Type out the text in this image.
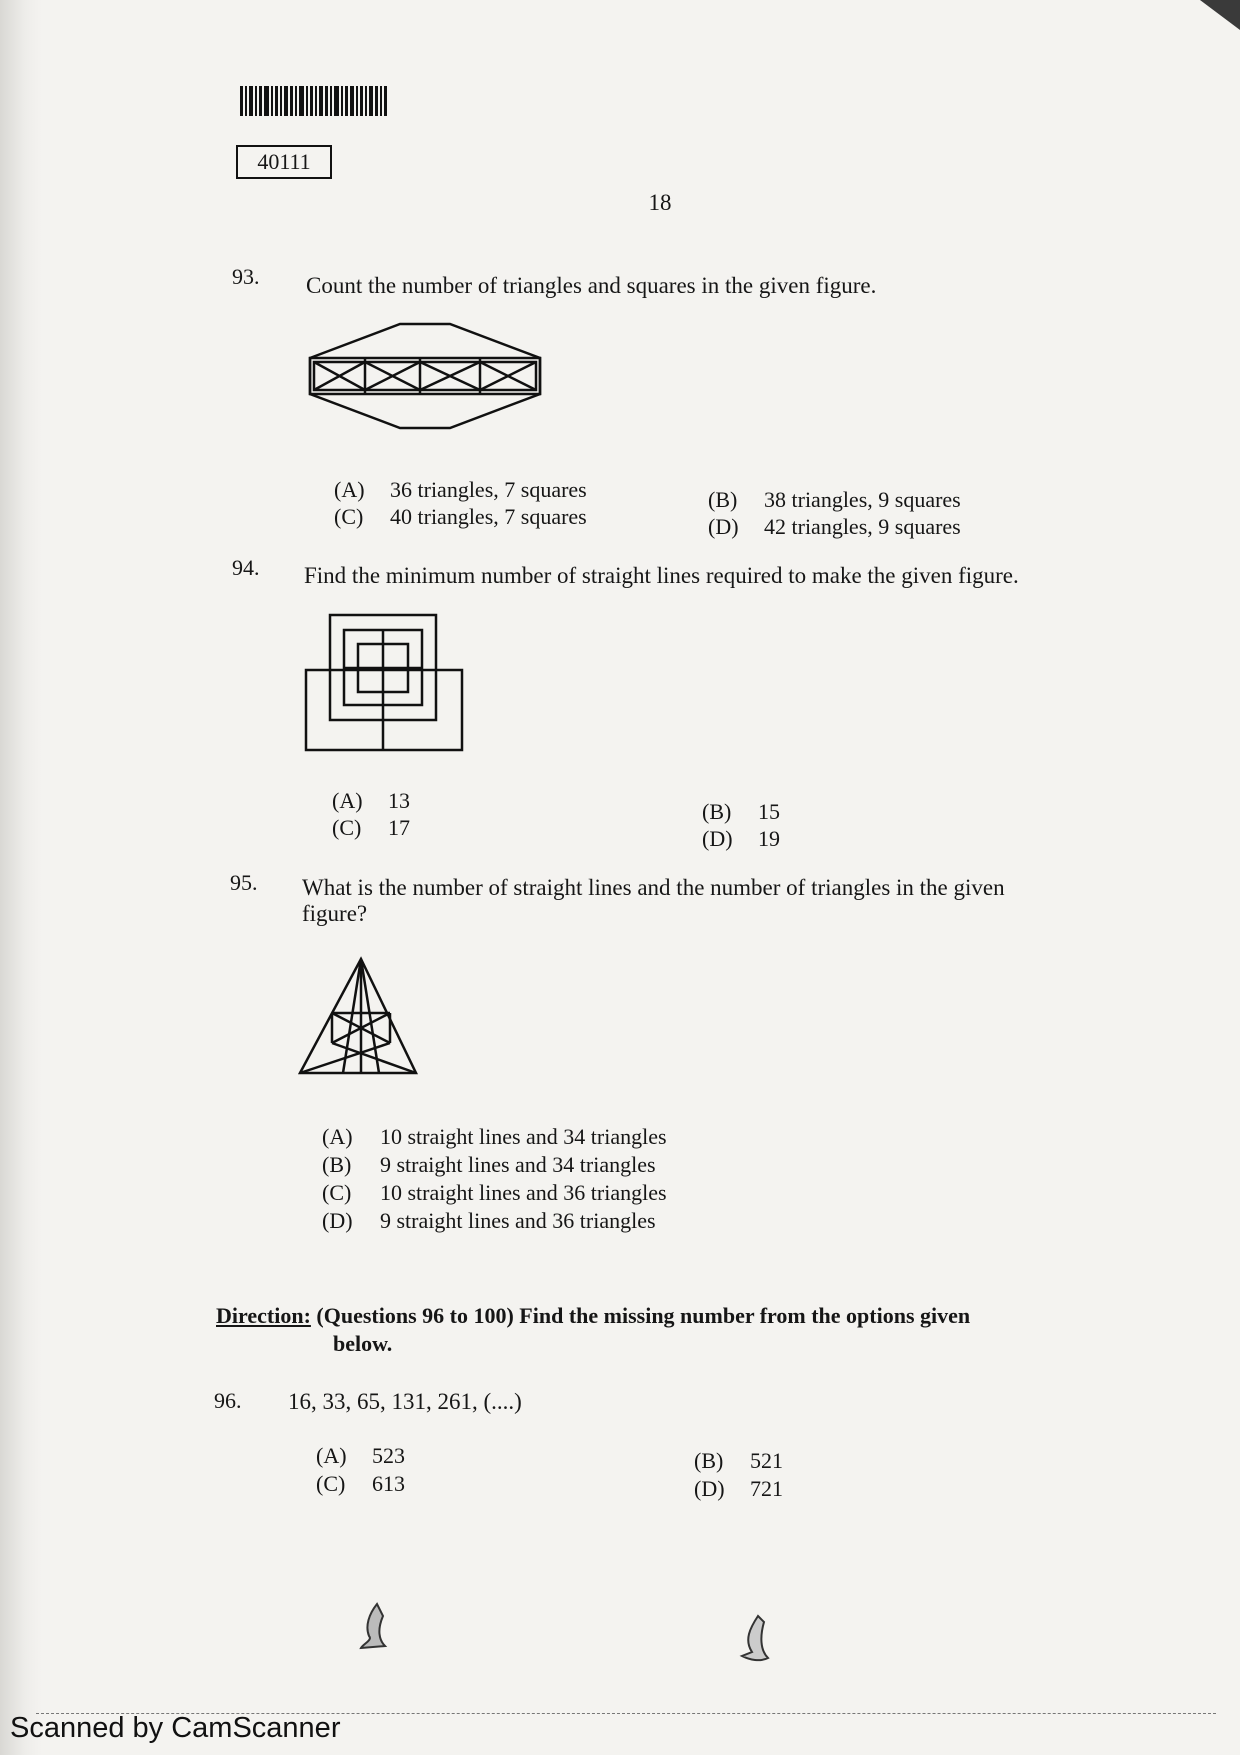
40111
18
93. Count the number of triangles and squares in the given figure.
(A) 36 triangles, 7 squares
(C) 40 triangles, 7 squares
(B) 38 triangles, 9 squares
(D) 42 triangles, 9 squares
94. Find the minimum number of straight lines required to make the given figure.
(A) 13
(C) 17
(B) 15
(D) 19
95. What is the number of straight lines and the number of triangles in the given
figure?
(A) 10 straight lines and 34 triangles
(B) 9 straight lines and 34 triangles
(C) 10 straight lines and 36 triangles
(D) 9 straight lines and 36 triangles
Direction: (Questions 96 to 100) Find the missing number from the options given
below.
96. 16, 33, 65, 131, 261, (....)
(A) 523
(C) 613
(B) 521
(D) 721
Scanned by CamScanner
